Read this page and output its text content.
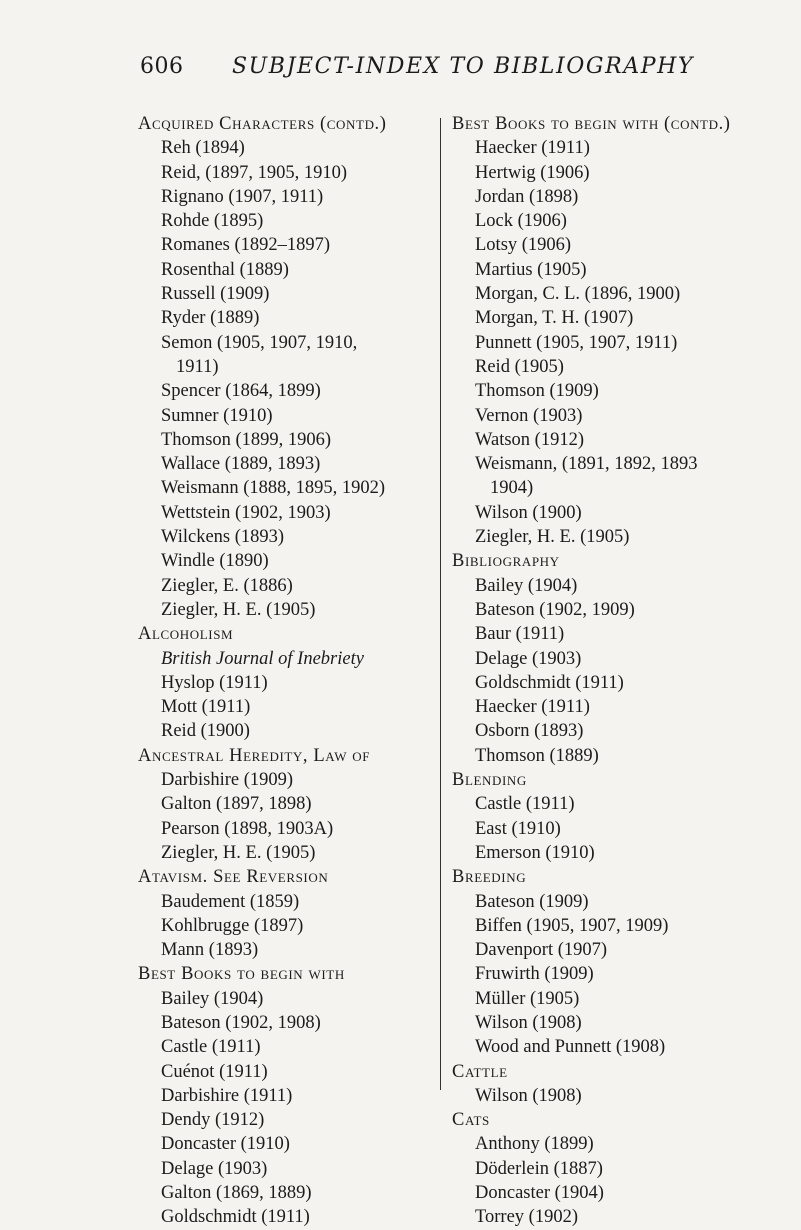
606 SUBJECT-INDEX TO BIBLIOGRAPHY
Acquired Characters (contd.)
Reh (1894)
Reid, (1897, 1905, 1910)
Rignano (1907, 1911)
Rohde (1895)
Romanes (1892–1897)
Rosenthal (1889)
Russell (1909)
Ryder (1889)
Semon (1905, 1907, 1910,
1911)
Spencer (1864, 1899)
Sumner (1910)
Thomson (1899, 1906)
Wallace (1889, 1893)
Weismann (1888, 1895, 1902)
Wettstein (1902, 1903)
Wilckens (1893)
Windle (1890)
Ziegler, E. (1886)
Ziegler, H. E. (1905)
Alcoholism
British Journal of Inebriety
Hyslop (1911)
Mott (1911)
Reid (1900)
Ancestral Heredity, Law of
Darbishire (1909)
Galton (1897, 1898)
Pearson (1898, 1903A)
Ziegler, H. E. (1905)
Atavism. See Reversion
Baudement (1859)
Kohlbrugge (1897)
Mann (1893)
Best Books to begin with
Bailey (1904)
Bateson (1902, 1908)
Castle (1911)
Cuénot (1911)
Darbishire (1911)
Dendy (1912)
Doncaster (1910)
Delage (1903)
Galton (1869, 1889)
Goldschmidt (1911)
Best Books to begin with (contd.)
Haecker (1911)
Hertwig (1906)
Jordan (1898)
Lock (1906)
Lotsy (1906)
Martius (1905)
Morgan, C. L. (1896, 1900)
Morgan, T. H. (1907)
Punnett (1905, 1907, 1911)
Reid (1905)
Thomson (1909)
Vernon (1903)
Watson (1912)
Weismann, (1891, 1892, 1893
1904)
Wilson (1900)
Ziegler, H. E. (1905)
Bibliography
Bailey (1904)
Bateson (1902, 1909)
Baur (1911)
Delage (1903)
Goldschmidt (1911)
Haecker (1911)
Osborn (1893)
Thomson (1889)
Blending
Castle (1911)
East (1910)
Emerson (1910)
Breeding
Bateson (1909)
Biffen (1905, 1907, 1909)
Davenport (1907)
Fruwirth (1909)
Müller (1905)
Wilson (1908)
Wood and Punnett (1908)
Cattle
Wilson (1908)
Cats
Anthony (1899)
Döderlein (1887)
Doncaster (1904)
Torrey (1902)
